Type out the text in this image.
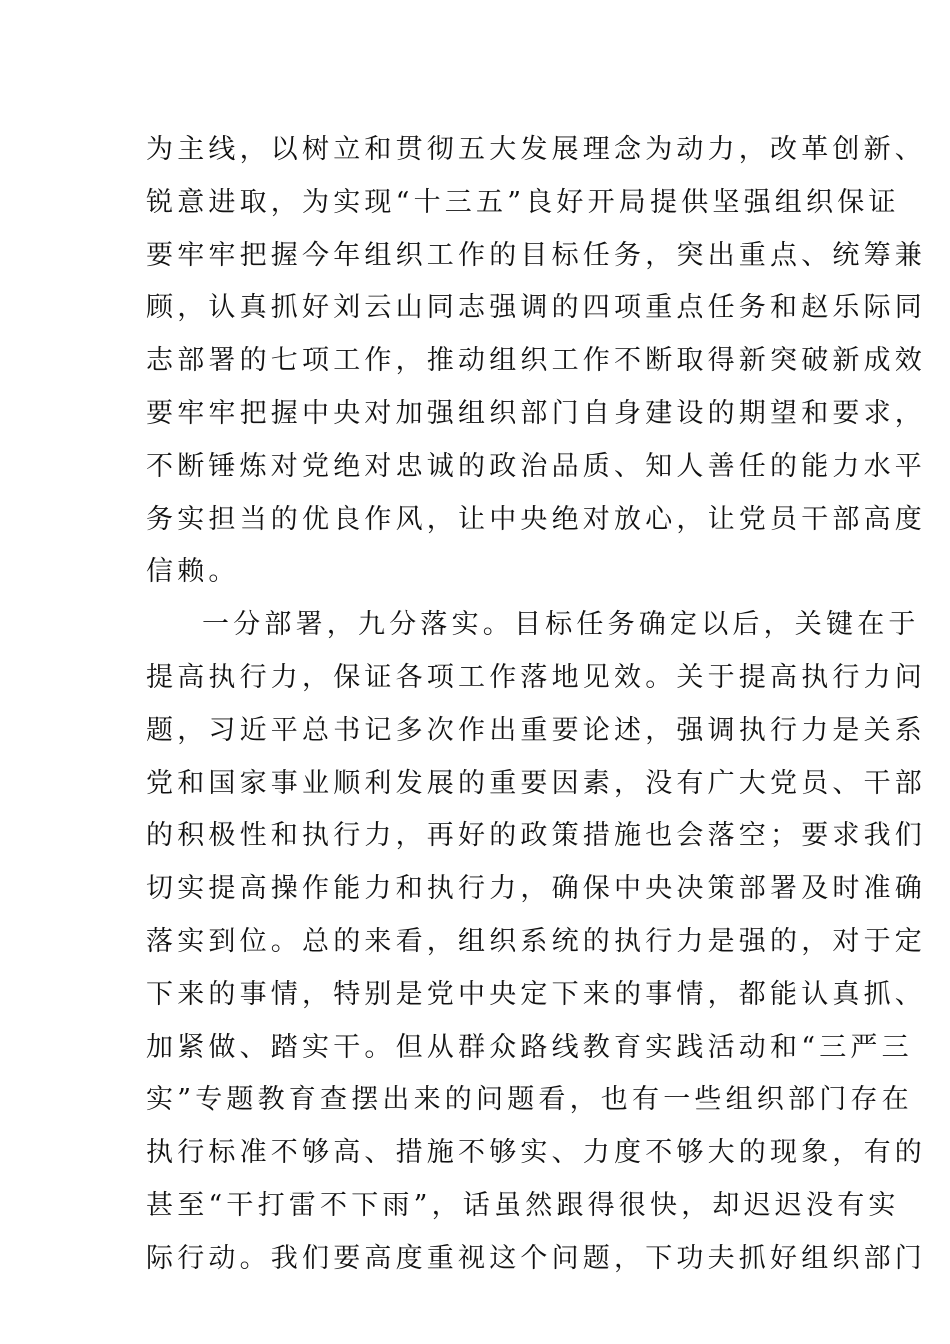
为主线，以树立和贯彻五大发展理念为动力，改革创新、
锐意进取，为实现“十三五”良好开局提供坚强组织保证
要牢牢把握今年组织工作的目标任务，突出重点、统筹兼
顾，认真抓好刘云山同志强调的四项重点任务和赵乐际同
志部署的七项工作，推动组织工作不断取得新突破新成效
要牢牢把握中央对加强组织部门自身建设的期望和要求，
不断锤炼对党绝对忠诚的政治品质、知人善任的能力水平
务实担当的优良作风，让中央绝对放心，让党员干部高度
信赖。
一分部署，九分落实。目标任务确定以后，关键在于
提高执行力，保证各项工作落地见效。关于提高执行力问
题，习近平总书记多次作出重要论述，强调执行力是关系
党和国家事业顺利发展的重要因素，没有广大党员、干部
的积极性和执行力，再好的政策措施也会落空；要求我们
切实提高操作能力和执行力，确保中央决策部署及时准确
落实到位。总的来看，组织系统的执行力是强的，对于定
下来的事情，特别是党中央定下来的事情，都能认真抓、
加紧做、踏实干。但从群众路线教育实践活动和“三严三
实”专题教育查摆出来的问题看，也有一些组织部门存在
执行标准不够高、措施不够实、力度不够大的现象，有的
甚至“干打雷不下雨”，话虽然跟得很快，却迟迟没有实
际行动。我们要高度重视这个问题，下功夫抓好组织部门
